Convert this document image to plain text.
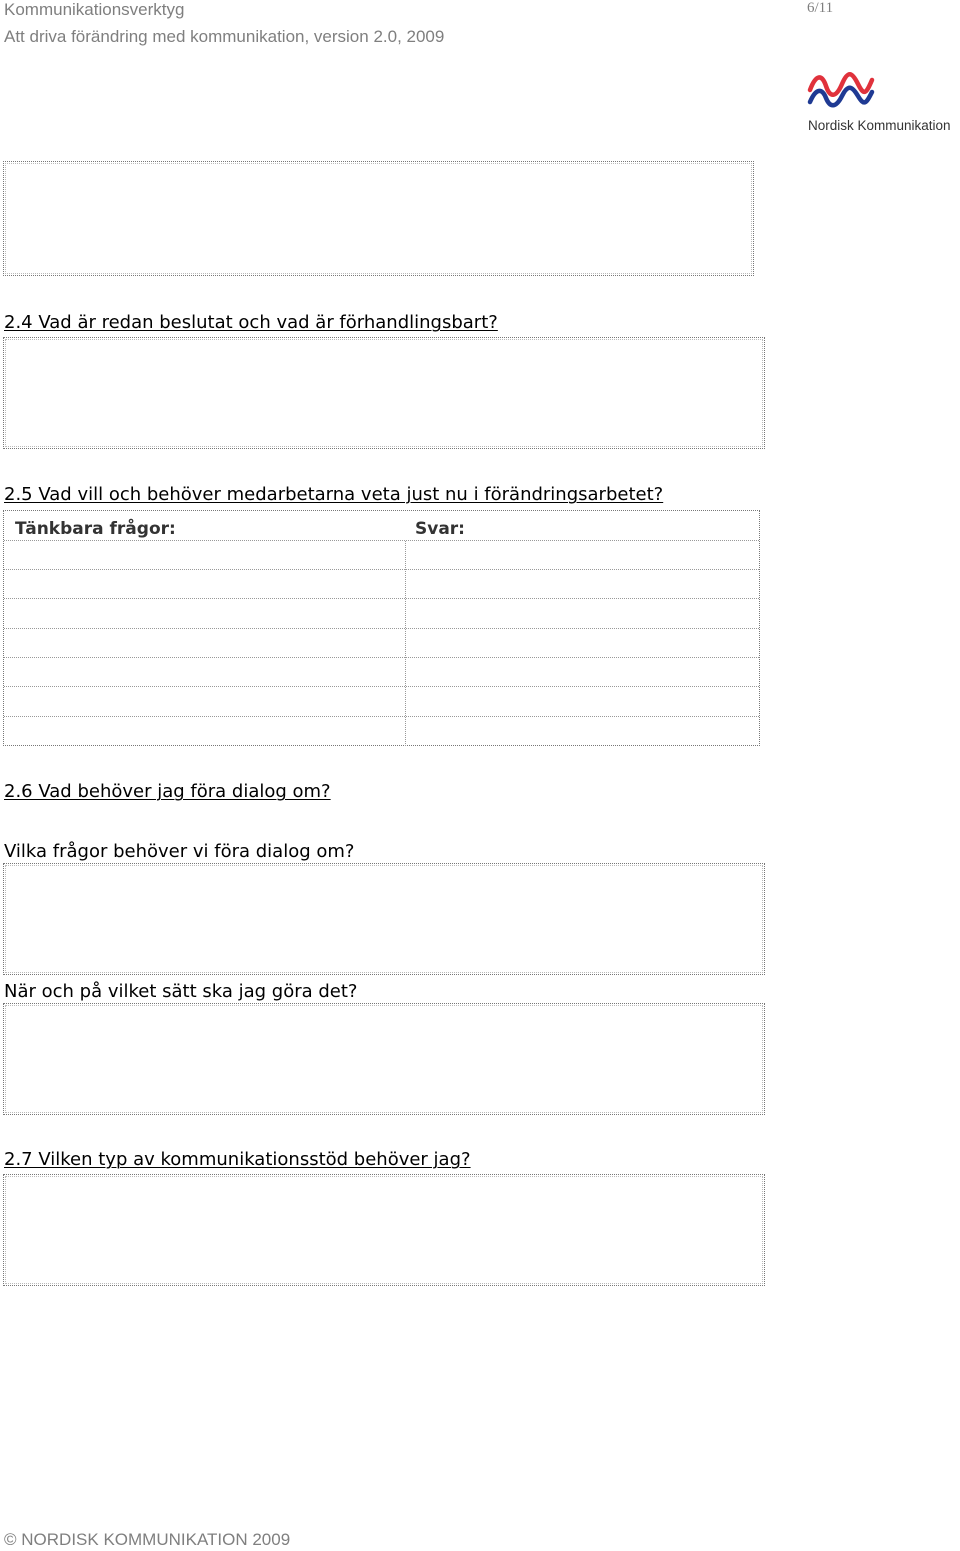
Kommunikationsverktyg
Att driva förändring med kommunikation, version 2.0, 2009
6/11
Nordisk Kommunikation
2.4 Vad är redan beslutat och vad är förhandlingsbart?
2.5 Vad vill och behöver medarbetarna veta just nu i förändringsarbetet?
Tänkbara frågor:	Svar:
2.6 Vad behöver jag föra dialog om?
Vilka frågor behöver vi föra dialog om?
När och på vilket sätt ska jag göra det?
2.7 Vilken typ av kommunikationsstöd behöver jag?
© NORDISK KOMMUNIKATION 2009
